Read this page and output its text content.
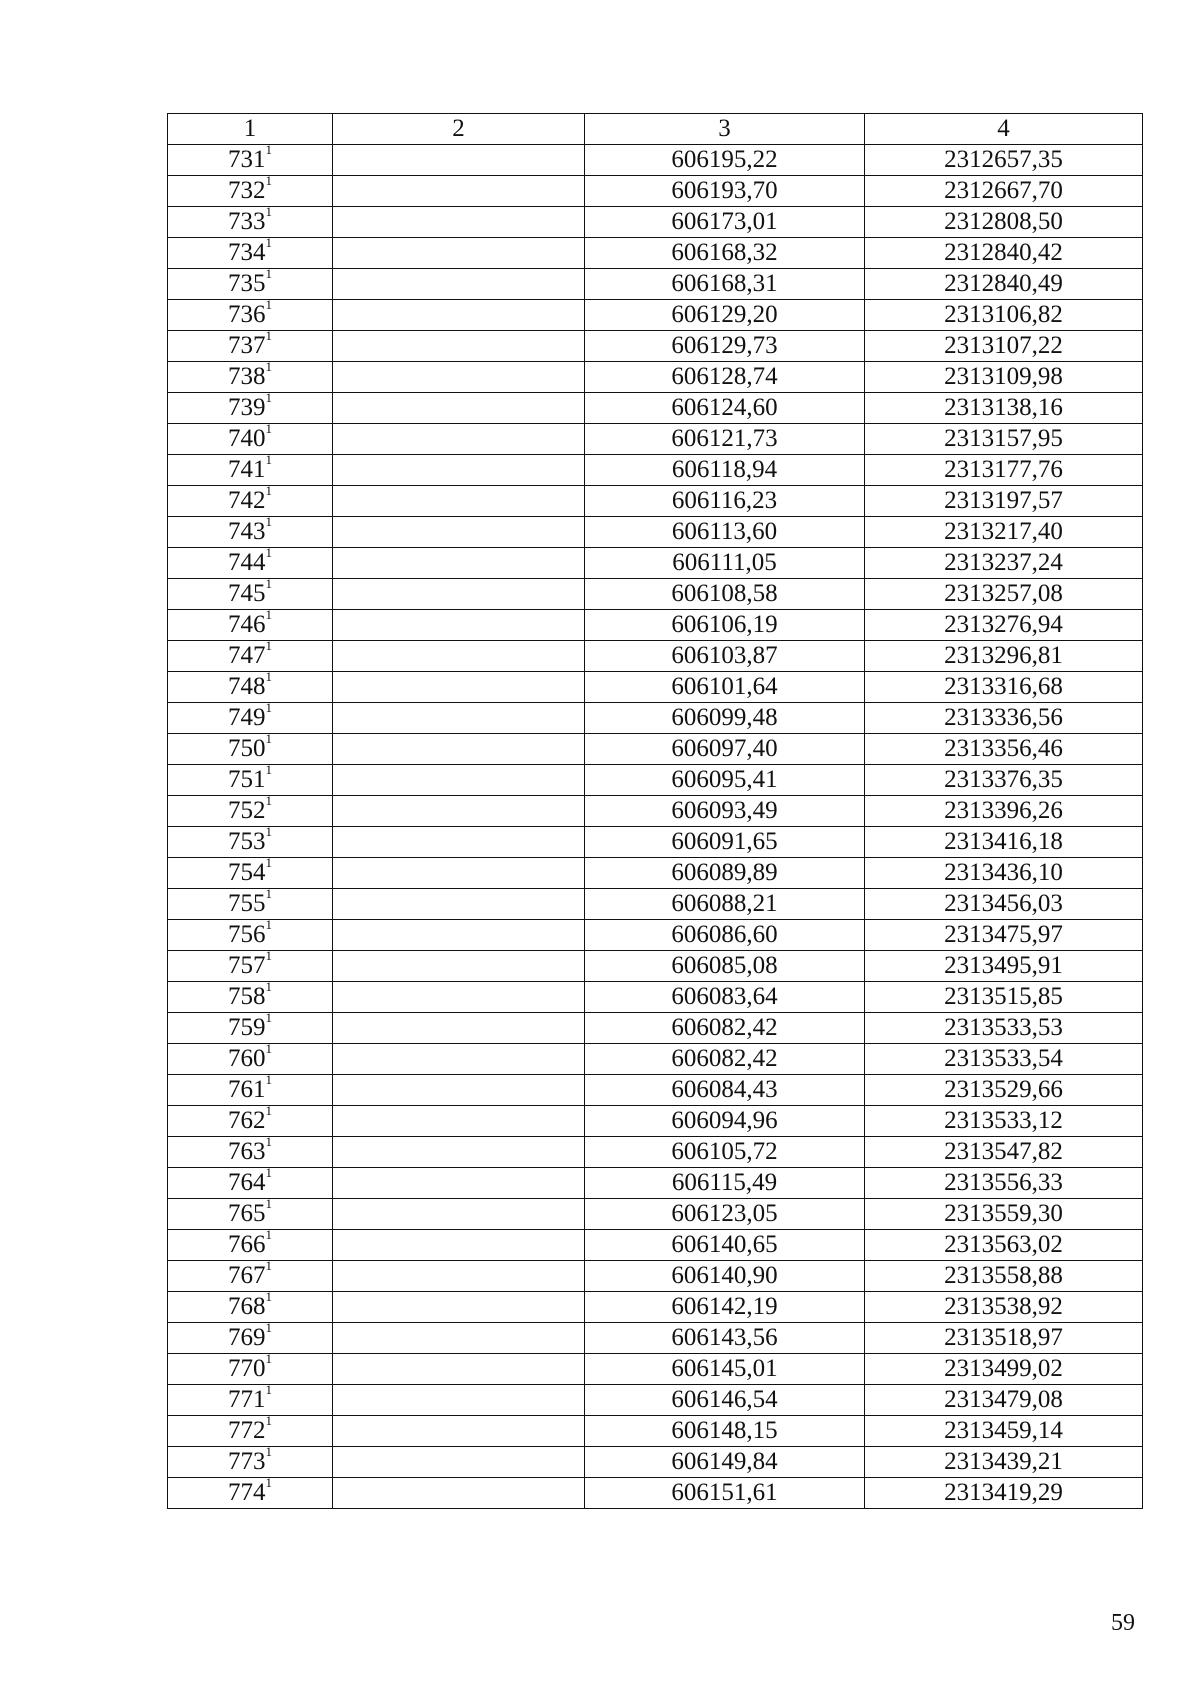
1	2	3	4
$731^1$		606195,22	2312657,35
$732^1$		606193,70	2312667,70
$733^1$		606173,01	2312808,50
$734^1$		606168,32	2312840,42
$735^1$		606168,31	2312840,49
$736^1$		606129,20	2313106,82
$737^1$		606129,73	2313107,22
$738^1$		606128,74	2313109,98
$739^1$		606124,60	2313138,16
$740^1$		606121,73	2313157,95
$741^1$		606118,94	2313177,76
$742^1$		606116,23	2313197,57
$743^1$		606113,60	2313217,40
$744^1$		606111,05	2313237,24
$745^1$		606108,58	2313257,08
$746^1$		606106,19	2313276,94
$747^1$		606103,87	2313296,81
$748^1$		606101,64	2313316,68
$749^1$		606099,48	2313336,56
$750^1$		606097,40	2313356,46
$751^1$		606095,41	2313376,35
$752^1$		606093,49	2313396,26
$753^1$		606091,65	2313416,18
$754^1$		606089,89	2313436,10
$755^1$		606088,21	2313456,03
$756^1$		606086,60	2313475,97
$757^1$		606085,08	2313495,91
$758^1$		606083,64	2313515,85
$759^1$		606082,42	2313533,53
$760^1$		606082,42	2313533,54
$761^1$		606084,43	2313529,66
$762^1$		606094,96	2313533,12
$763^1$		606105,72	2313547,82
$764^1$		606115,49	2313556,33
$765^1$		606123,05	2313559,30
$766^1$		606140,65	2313563,02
$767^1$		606140,90	2313558,88
$768^1$		606142,19	2313538,92
$769^1$		606143,56	2313518,97
$770^1$		606145,01	2313499,02
$771^1$		606146,54	2313479,08
$772^1$		606148,15	2313459,14
$773^1$		606149,84	2313439,21
$774^1$		606151,61	2313419,29
59
